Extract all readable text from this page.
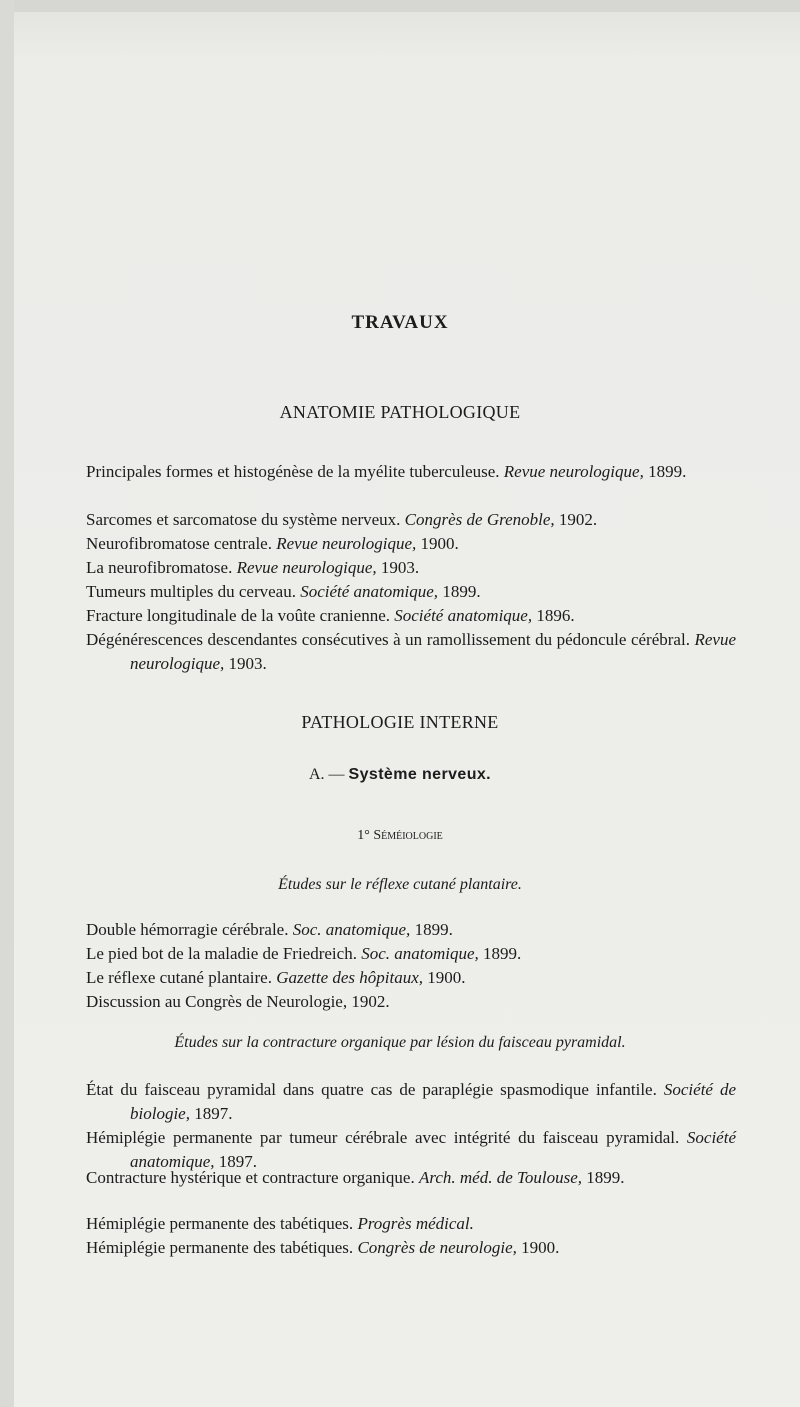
TRAVAUX
ANATOMIE PATHOLOGIQUE
Principales formes et histogénèse de la myélite tuberculeuse. Revue neurologique, 1899.
Sarcomes et sarcomatose du système nerveux. Congrès de Grenoble, 1902.
Neurofibromatose centrale. Revue neurologique, 1900.
La neurofibromatose. Revue neurologique, 1903.
Tumeurs multiples du cerveau. Société anatomique, 1899.
Fracture longitudinale de la voûte cranienne. Société anatomique, 1896.
Dégénérescences descendantes consécutives à un ramollissement du pédoncule cérébral. Revue neurologique, 1903.
PATHOLOGIE INTERNE
A. — Système nerveux.
1° Séméiologie
Études sur le réflexe cutané plantaire.
Double hémorragie cérébrale. Soc. anatomique, 1899.
Le pied bot de la maladie de Friedreich. Soc. anatomique, 1899.
Le réflexe cutané plantaire. Gazette des hôpitaux, 1900.
Discussion au Congrès de Neurologie, 1902.
Études sur la contracture organique par lésion du faisceau pyramidal.
État du faisceau pyramidal dans quatre cas de paraplégie spasmodique infantile. Société de biologie, 1897.
Hémiplégie permanente par tumeur cérébrale avec intégrité du faisceau pyramidal. Société anatomique, 1897.
Contracture hystérique et contracture organique. Arch. méd. de Toulouse, 1899.
Hémiplégie permanente des tabétiques. Progrès médical.
Hémiplégie permanente des tabétiques. Congrès de neurologie, 1900.
